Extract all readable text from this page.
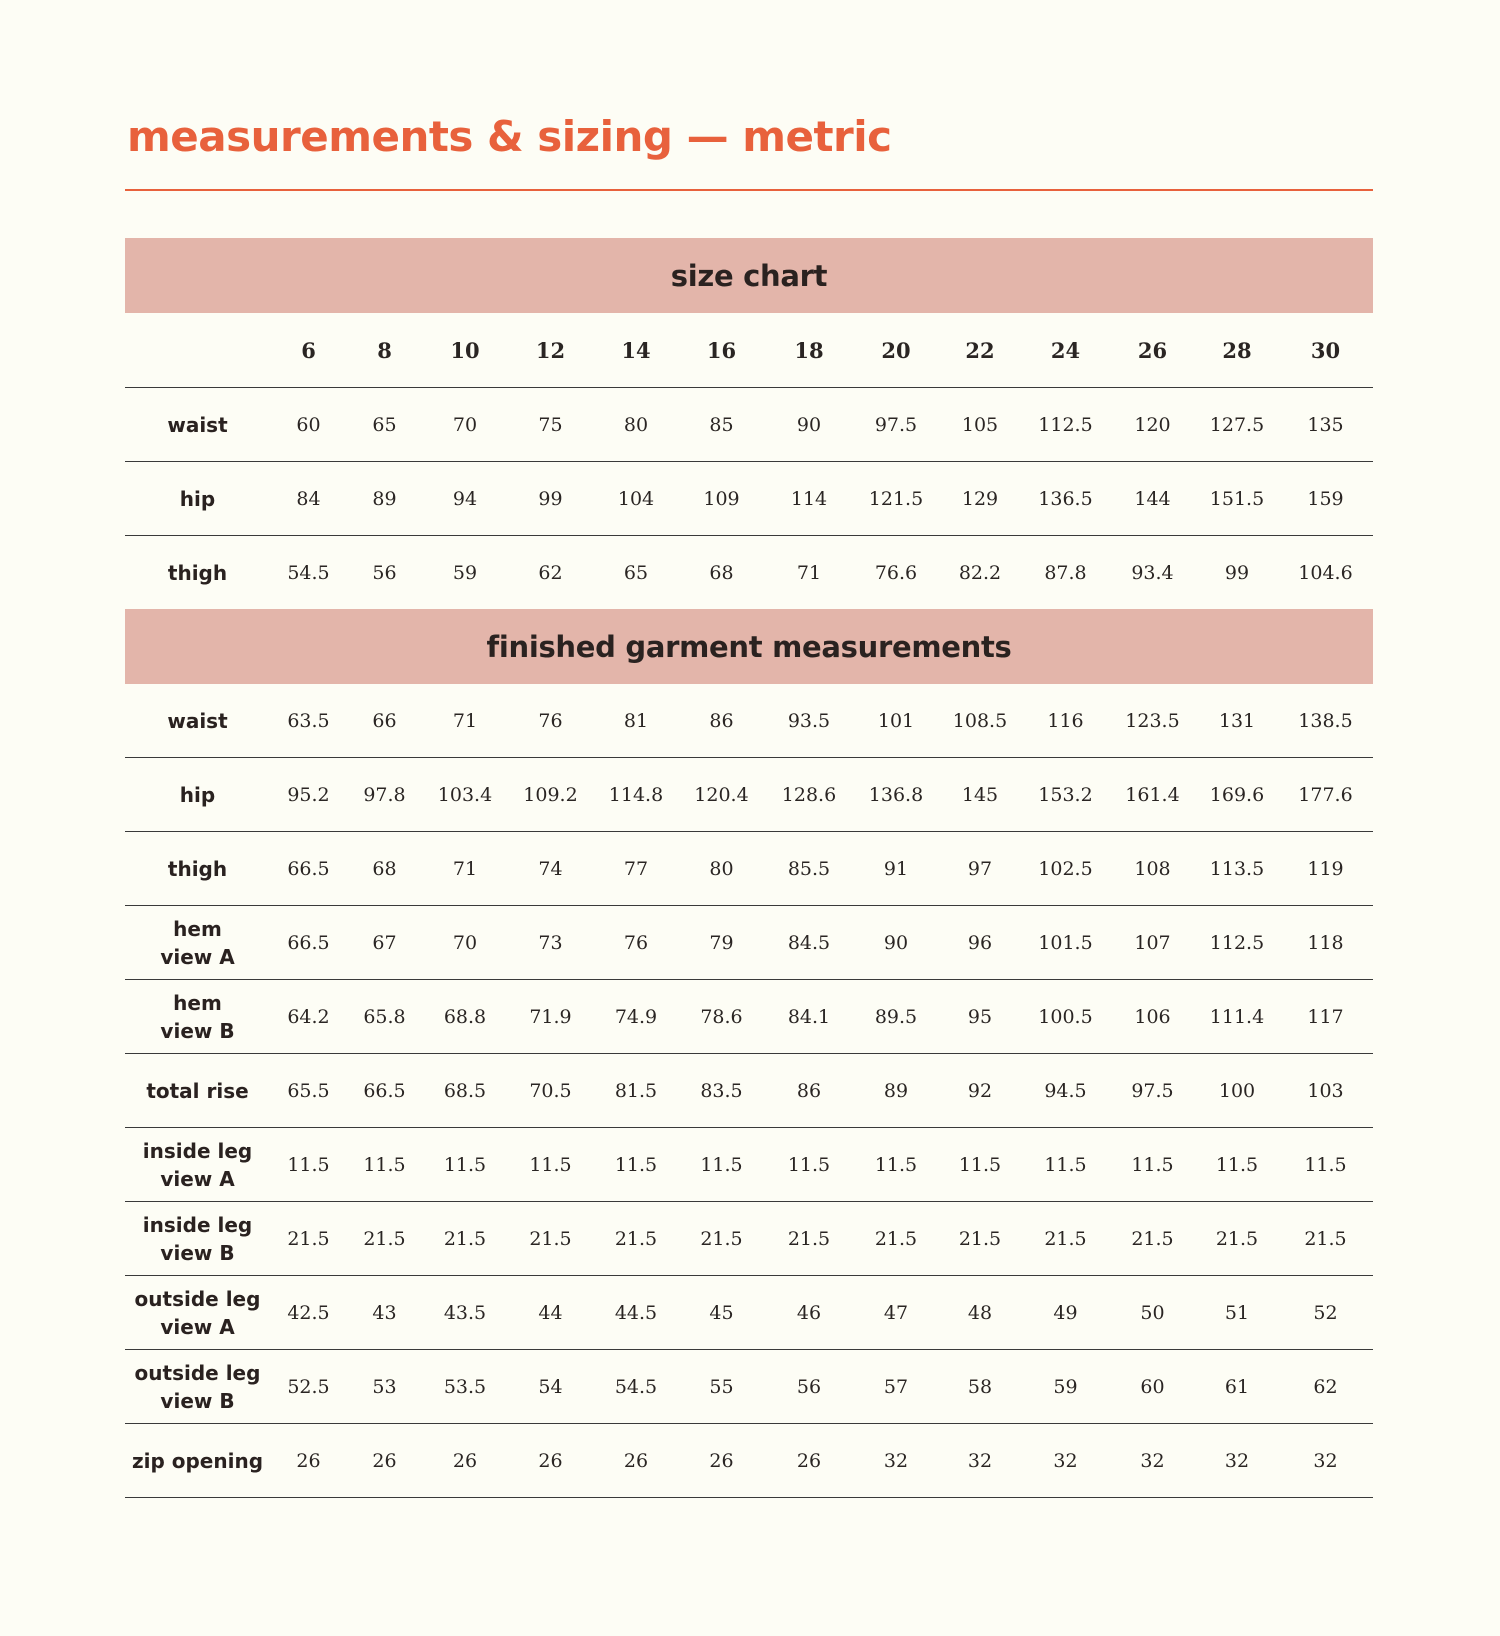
measurements & sizing — metric
size chart													
	6	8	10	12	14	16	18	20	22	24	26	28	30

waist	60	65	70	75	80	85	90	97.5	105	112.5	120	127.5	135

hip	84	89	94	99	104	109	114	121.5	129	136.5	144	151.5	159

thigh	54.5	56	59	62	65	68	71	76.6	82.2	87.8	93.4	99	104.6
finished garment measurements													

waist	63.5	66	71	76	81	86	93.5	101	108.5	116	123.5	131	138.5

hip	95.2	97.8	103.4	109.2	114.8	120.4	128.6	136.8	145	153.2	161.4	169.6	177.6

thigh	66.5	68	71	74	77	80	85.5	91	97	102.5	108	113.5	119

hem
view A	66.5	67	70	73	76	79	84.5	90	96	101.5	107	112.5	118

hem
view B	64.2	65.8	68.8	71.9	74.9	78.6	84.1	89.5	95	100.5	106	111.4	117

total rise	65.5	66.5	68.5	70.5	81.5	83.5	86	89	92	94.5	97.5	100	103

inside leg
view A	11.5	11.5	11.5	11.5	11.5	11.5	11.5	11.5	11.5	11.5	11.5	11.5	11.5

inside leg
view B	21.5	21.5	21.5	21.5	21.5	21.5	21.5	21.5	21.5	21.5	21.5	21.5	21.5

outside leg
view A	42.5	43	43.5	44	44.5	45	46	47	48	49	50	51	52

outside leg
view B	52.5	53	53.5	54	54.5	55	56	57	58	59	60	61	62

zip opening	26	26	26	26	26	26	26	32	32	32	32	32	32
